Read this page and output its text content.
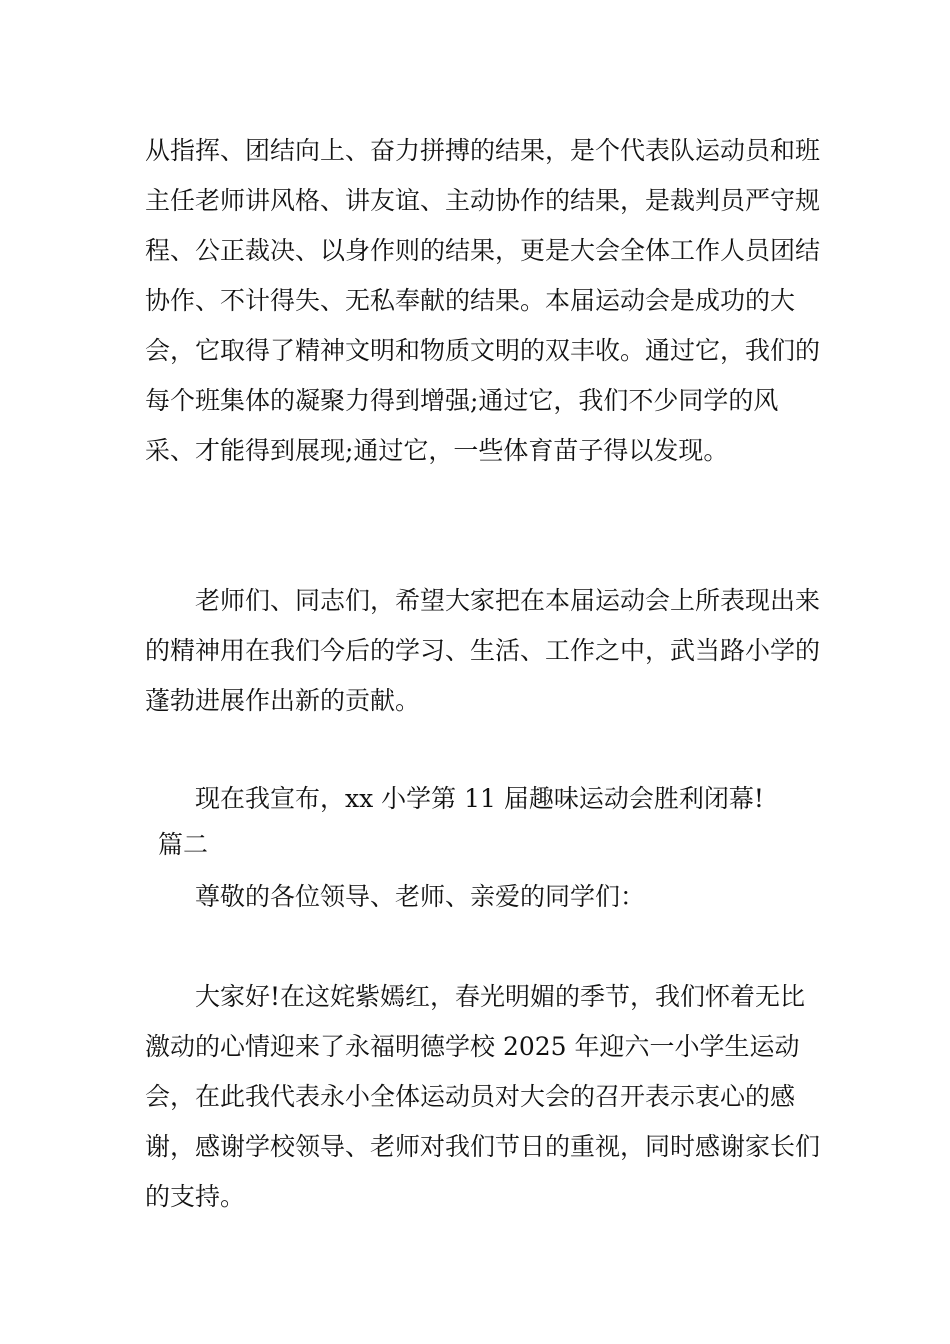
从指挥、团结向上、奋力拼搏的结果，是个代表队运动员和班主任老师讲风格、讲友谊、主动协作的结果，是裁判员严守规程、公正裁决、以身作则的结果，更是大会全体工作人员团结协作、不计得失、无私奉献的结果。本届运动会是成功的大会，它取得了精神文明和物质文明的双丰收。通过它，我们的每个班集体的凝聚力得到增强;通过它，我们不少同学的风采、才能得到展现;通过它，一些体育苗子得以发现。

老师们、同志们，希望大家把在本届运动会上所表现出来的精神用在我们今后的学习、生活、工作之中，武当路小学的蓬勃进展作出新的贡献。

现在我宣布，xx 小学第 11 届趣味运动会胜利闭幕!

篇二

尊敬的各位领导、老师、亲爱的同学们：

大家好!在这姹紫嫣红，春光明媚的季节，我们怀着无比激动的心情迎来了永福明德学校 2025 年迎六一小学生运动会，在此我代表永小全体运动员对大会的召开表示衷心的感谢，感谢学校领导、老师对我们节日的重视，同时感谢家长们的支持。
